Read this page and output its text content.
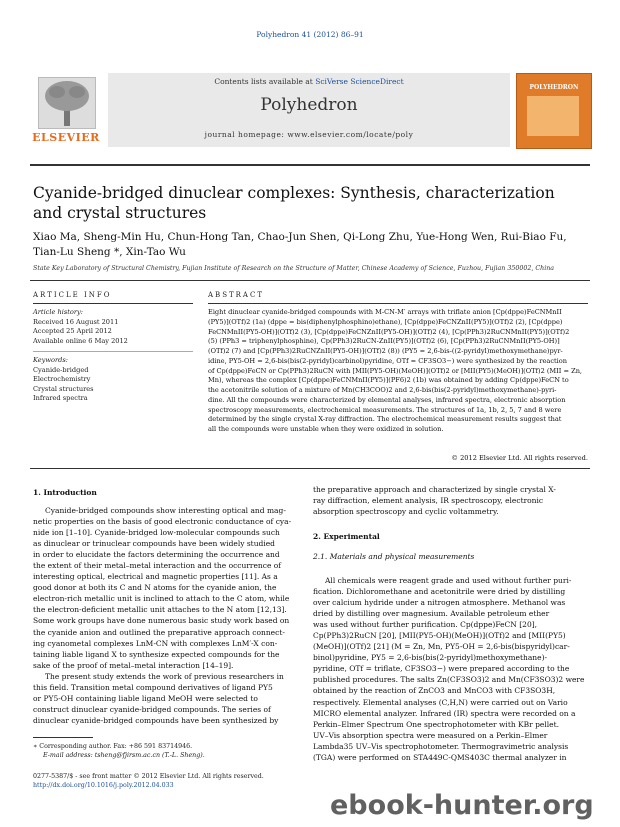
Polyhedron 41 (2012) 86–91
ELSEVIER
Contents lists available at SciVerse ScienceDirect
Polyhedron
journal homepage: www.elsevier.com/locate/poly
POLYHEDRON
Cyanide-bridged dinuclear complexes: Synthesis, characterization
and crystal structures
Xiao Ma, Sheng-Min Hu, Chun-Hong Tan, Chao-Jun Shen, Qi-Long Zhu, Yue-Hong Wen, Rui-Biao Fu,
Tian-Lu Sheng *, Xin-Tao Wu
State Key Laboratory of Structural Chemistry, Fujian Institute of Research on the Structure of Matter, Chinese Academy of Science, Fuzhou, Fujian 350002, China
ARTICLE INFO
Article history:
Received 16 August 2011
Accepted 25 April 2012
Available online 6 May 2012
Keywords:
Cyanide-bridged
Electrochemistry
Crystal structures
Infrared spectra
ABSTRACT
Eight dinuclear cyanide-bridged compounds with M-CN-M′ arrays with triflate anion [Cp(dppe)FeCNMnII
(PY5)](OTf)2 (1a) (dppe = bis(diphenylphosphino)ethane), [Cp(dppe)FeCNZnII(PY5)](OTf)2 (2), [Cp(dppe)
FeCNMnII(PY5-OH)](OTf)2 (3), [Cp(dppe)FeCNZnII(PY5-OH)](OTf)2 (4), [Cp(PPh3)2RuCNMnII(PY5)](OTf)2
(5) (PPh3 = triphenylphosphine), Cp(PPh3)2RuCN-ZnII(PY5)](OTf)2 (6), [Cp(PPh3)2RuCNMnII(PY5-OH)]
(OTf)2 (7) and [Cp(PPh3)2RuCNZnII(PY5-OH)](OTf)2 (8)) (PY5 = 2,6-bis-((2-pyridyl)methoxymethane)pyr-
idine, PY5-OH = 2,6-bis(bis(2-pyridyl)carbinol)pyridine, OTf = CF3SO3−) were synthesized by the reaction
of Cp(dppe)FeCN or Cp(PPh3)2RuCN with [MII(PY5-OH)(MeOH)](OTf)2 or [MII(PY5)(MeOH)](OTf)2 (MII = Zn,
Mn), whereas the complex [Cp(dppe)FeCNMnII(PY5)](PF6)2 (1b) was obtained by adding Cp(dppe)FeCN to
the acetonitrile solution of a mixture of Mn(CH3COO)2 and 2,6-bis(bis(2-pyridyl)methoxymethane)-pyri-
dine. All the compounds were characterized by elemental analyses, infrared spectra, electronic absorption
spectroscopy measurements, electrochemical measurements. The structures of 1a, 1b, 2, 5, 7 and 8 were
determined by the single crystal X-ray diffraction. The electrochemical measurement results suggest that
all the compounds were unstable when they were oxidized in solution.
© 2012 Elsevier Ltd. All rights reserved.
1. Introduction
Cyanide-bridged compounds show interesting optical and mag-
netic properties on the basis of good electronic conductance of cya-
nide ion [1–10]. Cyanide-bridged low-molecular compounds such
as dinuclear or trinuclear compounds have been widely studied
in order to elucidate the factors determining the occurrence and
the extent of their metal–metal interaction and the occurrence of
interesting optical, electrical and magnetic properties [11]. As a
good donor at both its C and N atoms for the cyanide anion, the
electron-rich metallic unit is inclined to attach to the C atom, while
the electron-deficient metallic unit attaches to the N atom [12,13].
Some work groups have done numerous basic study work based on
the cyanide anion and outlined the preparative approach connect-
ing cyanometal complexes LnM-CN with complexes LnM′-X con-
taining liable ligand X to synthesize expected compounds for the
sake of the proof of metal–metal interaction [14–19].
The present study extends the work of previous researchers in
this field. Transition metal compound derivatives of ligand PY5
or PY5-OH containing liable ligand MeOH were selected to
construct dinuclear cyanide-bridged compounds. The series of
dinuclear cyanide-bridged compounds have been synthesized by
∗ Corresponding author. Fax: +86 591 83714946.
E-mail address: tsheng@fjirsm.ac.cn (T.-L. Sheng).
0277-5387/$ - see front matter © 2012 Elsevier Ltd. All rights reserved.
http://dx.doi.org/10.1016/j.poly.2012.04.033
the preparative approach and characterized by single crystal X-
ray diffraction, element analysis, IR spectroscopy, electronic
absorption spectroscopy and cyclic voltammetry.
2. Experimental
2.1. Materials and physical measurements
All chemicals were reagent grade and used without further puri-
fication. Dichloromethane and acetonitrile were dried by distilling
over calcium hydride under a nitrogen atmosphere. Methanol was
dried by distilling over magnesium. Available petroleum ether
was used without further purification. Cp(dppe)FeCN [20],
Cp(PPh3)2RuCN [20], [MII(PY5-OH)(MeOH)](OTf)2 and [MII(PY5)
(MeOH)](OTf)2 [21] (M = Zn, Mn, PY5-OH = 2,6-bis(bispyridyl)car-
binol)pyridine, PY5 = 2,6-bis(bis(2-pyridyl)methoxymethane)-
pyridine, OTf = triflate, CF3SO3−) were prepared according to the
published procedures. The salts Zn(CF3SO3)2 and Mn(CF3SO3)2 were
obtained by the reaction of ZnCO3 and MnCO3 with CF3SO3H,
respectively. Elemental analyses (C,H,N) were carried out on Vario
MICRO elemental analyzer. Infrared (IR) spectra were recorded on a
Perkin–Elmer Spectrum One spectrophotometer with KBr pellet.
UV–Vis absorption spectra were measured on a Perkin–Elmer
Lambda35 UV–Vis spectrophotometer. Thermogravimetric analysis
(TGA) were performed on STA449C-QMS403C thermal analyzer in
ebook-hunter.org
